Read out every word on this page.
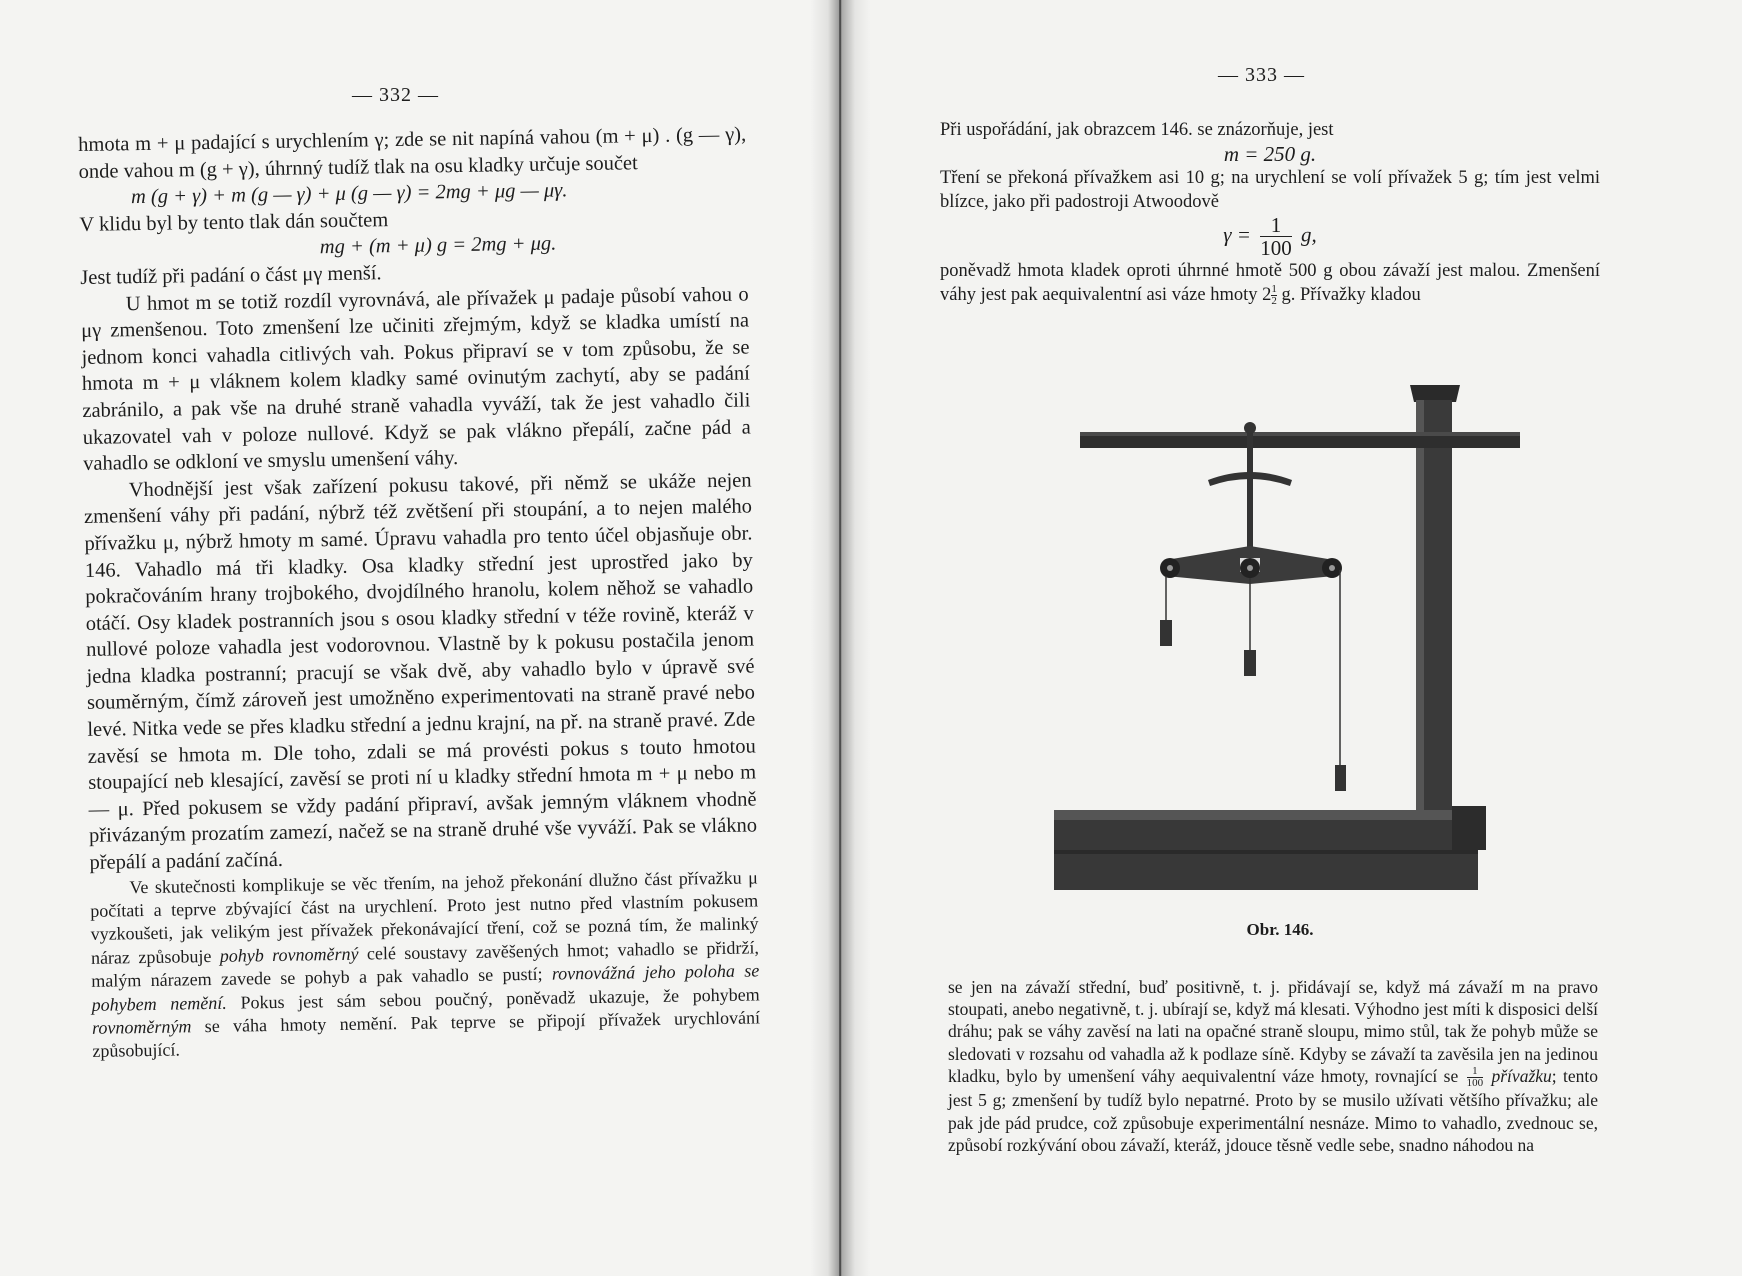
— 332 —

hmota m + μ padající s urychlením γ; zde se nit napíná vahou (m + μ) . (g — γ), onde vahou m (g + γ), úhrnný tudíž tlak na osu kladky určuje součet

m (g + γ) + m (g — γ) + μ (g — γ) = 2mg + μg — μγ.

V klidu byl by tento tlak dán součtem

mg + (m + μ) g = 2mg + μg.

Jest tudíž při padání o část μγ menší.

U hmot m se totiž rozdíl vyrovnává, ale přívažek μ padaje působí vahou o μγ zmenšenou. Toto zmenšení lze učiniti zřejmým, když se kladka umístí na jednom konci vahadla citlivých vah. Pokus připraví se v tom způsobu, že se hmota m + μ vláknem kolem kladky samé ovinutým zachytí, aby se padání zabránilo, a pak vše na druhé straně vahadla vyváží, tak že jest vahadlo čili ukazovatel vah v poloze nullové. Když se pak vlákno přepálí, začne pád a vahadlo se odkloní ve smyslu umenšení váhy.

Vhodnější jest však zařízení pokusu takové, při němž se ukáže nejen zmenšení váhy při padání, nýbrž též zvětšení při stoupání, a to nejen malého přívažku μ, nýbrž hmoty m samé. Úpravu vahadla pro tento účel objasňuje obr. 146. Vahadlo má tři kladky. Osa kladky střední jest uprostřed jako by pokračováním hrany trojbokého, dvojdílného hranolu, kolem něhož se vahadlo otáčí. Osy kladek postranních jsou s osou kladky střední v téže rovině, kteráž v nullové poloze vahadla jest vodorovnou. Vlastně by k pokusu postačila jenom jedna kladka postranní; pracují se však dvě, aby vahadlo bylo v úpravě své souměrným, čímž zároveň jest umožněno experimentovati na straně pravé nebo levé. Nitka vede se přes kladku střední a jednu krajní, na př. na straně pravé. Zde zavěsí se hmota m. Dle toho, zdali se má provésti pokus s touto hmotou stoupající neb klesající, zavěsí se proti ní u kladky střední hmota m + μ nebo m — μ. Před pokusem se vždy padání připraví, avšak jemným vláknem vhodně přivázaným prozatím zamezí, načež se na straně druhé vše vyváží. Pak se vlákno přepálí a padání začíná.

Ve skutečnosti komplikuje se věc třením, na jehož překonání dlužno část přívažku μ počítati a teprve zbývající část na urychlení. Proto jest nutno před vlastním pokusem vyzkoušeti, jak velikým jest přívažek překonávající tření, což se pozná tím, že malinký náraz způsobuje pohyb rovnoměrný celé soustavy zavěšených hmot; vahadlo se přidrží, malým nárazem zavede se pohyb a pak vahadlo se pustí; rovnovážná jeho poloha se pohybem nemění. Pokus jest sám sebou poučný, poněvadž ukazuje, že pohybem rovnoměrným se váha hmoty nemění. Pak teprve se připojí přívažek urychlování způsobující.

— 333 —

Při uspořádání, jak obrazcem 146. se znázorňuje, jest

m = 250 g.

Tření se překoná přívažkem asi 10 g; na urychlení se volí přívažek 5 g; tím jest velmi blízce, jako při padostroji Atwoodově

$\gamma = \frac{1}{100} g$,

poněvadž hmota kladek oproti úhrnné hmotě 500 g obou závaží jest malou. Zmenšení váhy jest pak aequivalentní asi váze hmoty $2 \frac{1}{2} g$. Přívažky kladou

Obr. 146.

se jen na závaží střední, buď positivně, t. j. přidávají se, když má závaží m na pravo stoupati, anebo negativně, t. j. ubírají se, když má klesati. Výhodno jest míti k disposici delší dráhu; pak se váhy zavěsí na lati na opačné straně sloupu, mimo stůl, tak že pohyb může se sledovati v rozsahu od vahadla až k podlaze síně. Kdyby se závaží ta zavěsila jen na jedinou kladku, bylo by umenšení váhy aequivalentní váze hmoty, rovnající se $\frac{1}{100}$ přívažku; tento jest 5 g; zmenšení by tudíž bylo nepatrné. Proto by se musilo užívati většího přívažku; ale pak jde pád prudce, což způsobuje experimentální nesnáze. Mimo to vahadlo, zvednouc se, způsobí rozkývání obou závaží, kteráž, jdouce těsně vedle sebe, snadno náhodou na
